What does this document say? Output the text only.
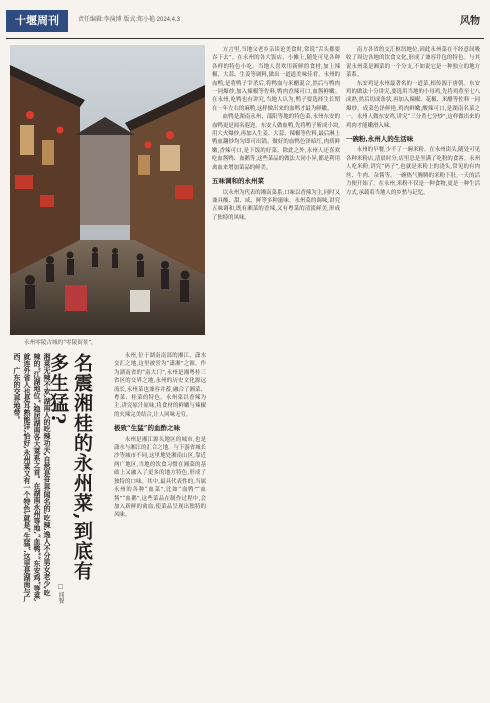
十堰周刊	责任编辑:李演博 版式:郑小艳 2024.4.3	风物
永州零陵古城的“零陵街景”。
湘菜无辣不欢,湖南人的吃辣功夫,自然是世界闻名的,吃辣,逸人不分男女老少,吃辣的“江湖地位”,稳居湖南各大菜系之首。在湖南永州等地,“血鸭”“东安鸡”等菜,就连外省人也是耳熟能详,恰好,永州菜又有一个特色,就是“生猛”,这里是湖南与广西、广东的交界地带。	名震湘桂的永州菜,到底有多生猛?
□ 闻餐

永州,位于湖南南部的湘江、潇水交汇之地,这里被誉为“潇湘”之源。作为湖南省的“南大门”,永州是湘粤桂三省区的交界之地,永州的历史文化源远流长,永州菜也兼容并蓄,融合了湘菜、粤菜、桂菜的特色。永州菜以香辣为主,讲究原汁原味,将食材的鲜嫩与辣椒的火辣完美结合,让人回味无穷。

极致“生猛”的血酢之味

永州是湘江源头地区的城市,也是潇水与湘江的汇合之地。与下游省城长沙等城市不同,这里地处湘南山区,靠近两广地区,当地的饮食习惯在湘菜的基础上又融入了更多的地方特色,形成了独特的口味。其中,最具代表性的,当属永州的各种“血菜”,比如“血鸭”“血酱”“血鹅”,这些菜品在制作过程中,会加入新鲜的禽血,使菜品呈现出独特的风味。

方言里,当地父老乡亲谈论美食时,常说“舌头都要吞下去”。在永州的各大饭店、小摊上,随处可见各种各样的特色小吃。当地人喜欢用新鲜的食材,加上辣椒、大蒜、生姜等调料,做出一道道美味佳肴。永州的血鸭,是将鸭子宰杀后,将鸭血与米醋混合,然后与鸭肉一同爆炒,加入辣椒等佐料,鸭肉香辣可口,血酱鲜嫩。在永州,吃鸭也有讲究,当地人认为,鸭子要选择生长期在一年左右的麻鸭,这样做出来的血鸭才最为鲜嫩。

血鸭是湖南永州、邵阳等地的特色菜,永州东安的血鸭更是闻名遐迩。东安人做血鸭,先将鸭子斩成小块,用大火爆炒,再加入生姜、大蒜、辣椒等佐料,最后淋上鸭血翻炒均匀即可出锅。做好的血鸭色泽暗红,肉质鲜嫩,香辣可口,是下饭的好菜。除此之外,永州人还喜欢吃血酱鸭、血鹅等,这些菜品的做法大同小异,都是利用禽血来增加菜品的鲜美。

五味调和的永州菜

以永州为代表的湘南菜系,口味以香辣为主,同时又兼具酸、甜、咸、鲜等多种滋味。永州菜的调味,讲究五味调和,既有湘菜的香辣,又有粤菜的清淡鲜美,形成了独特的风味。

南方各省的交汇枢纽地位,因此永州菜在不经意间吸收了周边各地的饮食文化,形成了兼容并包的特色。与其说永州菜是湘菜的一个分支,不如说它是一种独立的地方菜系。

东安鸡是永州最著名的一道菜,相传源于唐朝。东安鸡的做法十分讲究,要选用当地的小母鸡,先将鸡煮至七八成熟,然后切成条状,再加入辣椒、花椒、米醋等佐料一同爆炒。成菜色泽鲜艳,鸡肉鲜嫩,酸辣可口,是湖南名菜之一。永州人做东安鸡,讲究“三分煮七分炒”,这样做出来的鸡肉才能嫩滑入味。

一碗粉,永州人的生活味

永州的早餐,少不了一碗米粉。在永州街头,随处可见各种米粉店,清晨时分,店里总是坐满了吃粉的食客。永州人吃米粉,讲究“码子”,也就是米粉上的浇头,常见的有肉丝、牛肉、杂酱等。一碗热气腾腾的米粉下肚,一天的活力便开始了。在永州,米粉不仅是一种食物,更是一种生活方式,承载着当地人的乡愁与记忆。
